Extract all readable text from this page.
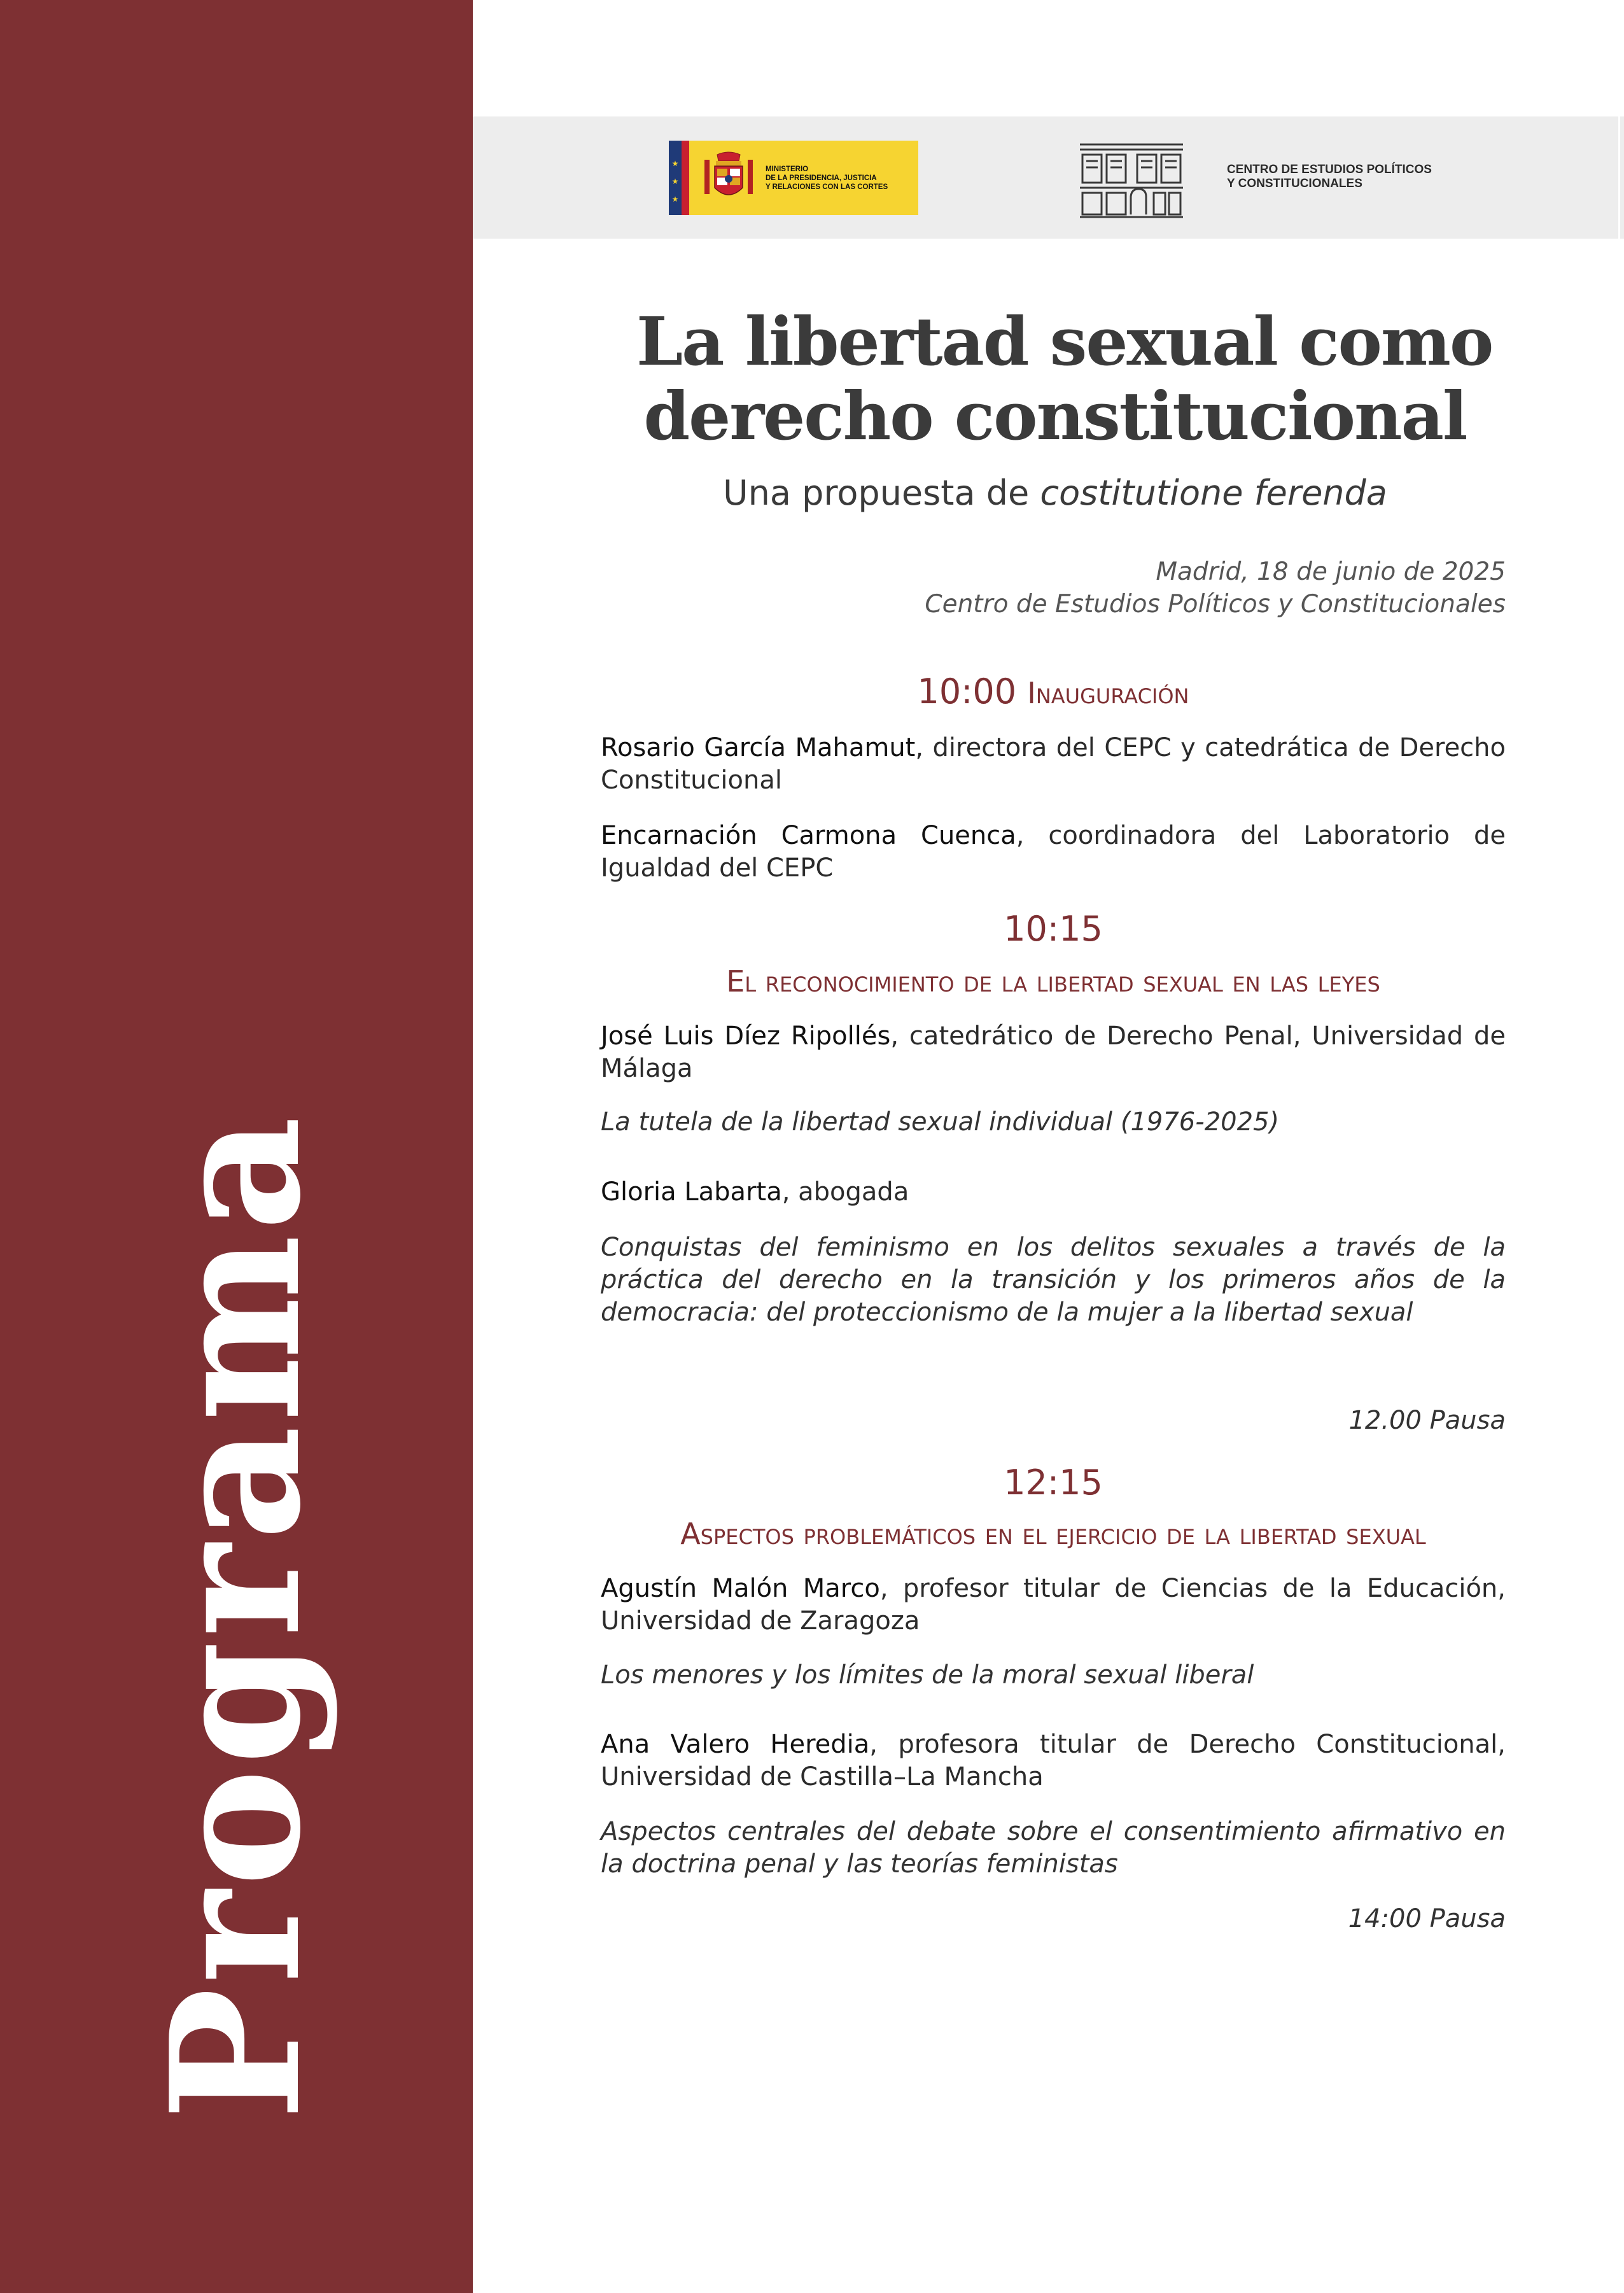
Programa
★
★
★
MINISTERIO
DE LA PRESIDENCIA, JUSTICIA
Y RELACIONES CON LAS CORTES
CENTRO DE ESTUDIOS POLÍTICOS
Y CONSTITUCIONALES
La libertad sexual como
derecho constitucional
Una propuesta de costitutione ferenda
Madrid, 18 de junio de 2025
Centro de Estudios Políticos y Constitucionales
10:00 Inauguración
Rosario García Mahamut, directora del CEPC y catedrática de Derecho Constitucional
Encarnación Carmona Cuenca, coordinadora del Laboratorio de Igualdad del CEPC
10:15
El reconocimiento de la libertad sexual en las leyes
José Luis Díez Ripollés, catedrático de Derecho Penal, Universidad de Málaga
La tutela de la libertad sexual individual (1976-2025)
Gloria Labarta, abogada
Conquistas del feminismo en los delitos sexuales a través de la práctica del derecho en la transición y los primeros años de la democracia: del proteccionismo de la mujer a la libertad sexual
12.00 Pausa
12:15
Aspectos problemáticos en el ejercicio de la libertad sexual
Agustín Malón Marco, profesor titular de Ciencias de la Educación, Universidad de Zaragoza
Los menores y los límites de la moral sexual liberal
Ana Valero Heredia, profesora titular de Derecho Constitucional, Universidad de Castilla–La Mancha
Aspectos centrales del debate sobre el consentimiento afirmativo en la doctrina penal y las teorías feministas
14:00 Pausa
